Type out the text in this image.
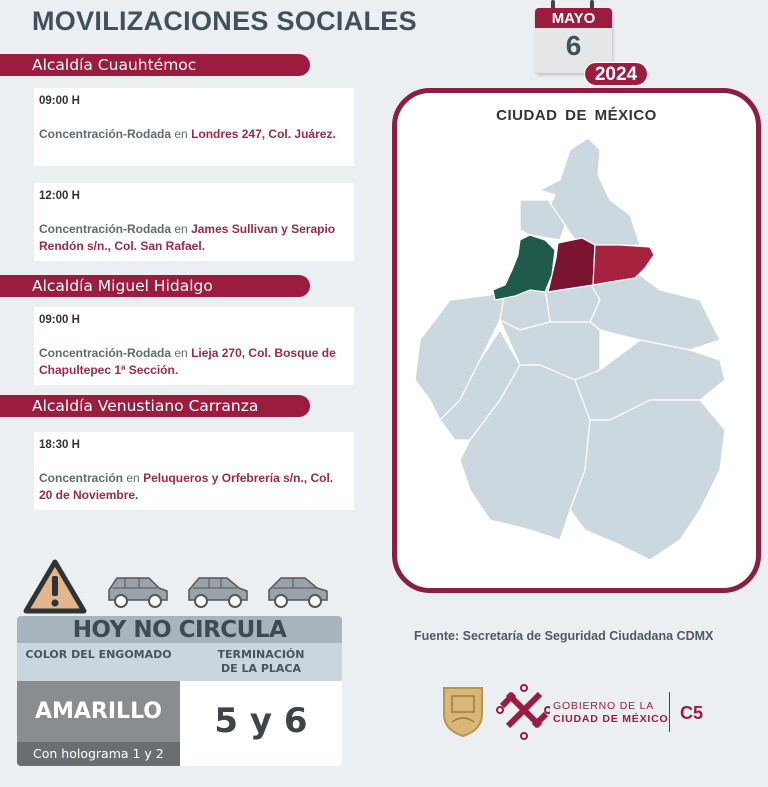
MOVILIZACIONES SOCIALES	MAYO
6
2024
Alcaldía Cuauhtémoc
09:00 H
Concentración-Rodada en Londres 247, Col. Juárez.
12:00 H
Concentración-Rodada en James Sullivan y Serapio Rendón s/n., Col. San Rafael.
Alcaldía Miguel Hidalgo
09:00 H
Concentración-Rodada en Lieja 270, Col. Bosque de Chapultepec 1ª Sección.
Alcaldía Venustiano Carranza
18:30 H
Concentración en Peluqueros y Orfebrería s/n., Col. 20 de Noviembre.
CIUDAD DE MÉXICO
HOY NO CIRCULA
COLOR DEL ENGOMADO	TERMINACIÓN DE LA PLACA
AMARILLO
Con holograma 1 y 2
5 y 6
Fuente: Secretaría de Seguridad Ciudadana CDMX
GOBIERNO DE LA
CIUDAD DE MÉXICO C5
